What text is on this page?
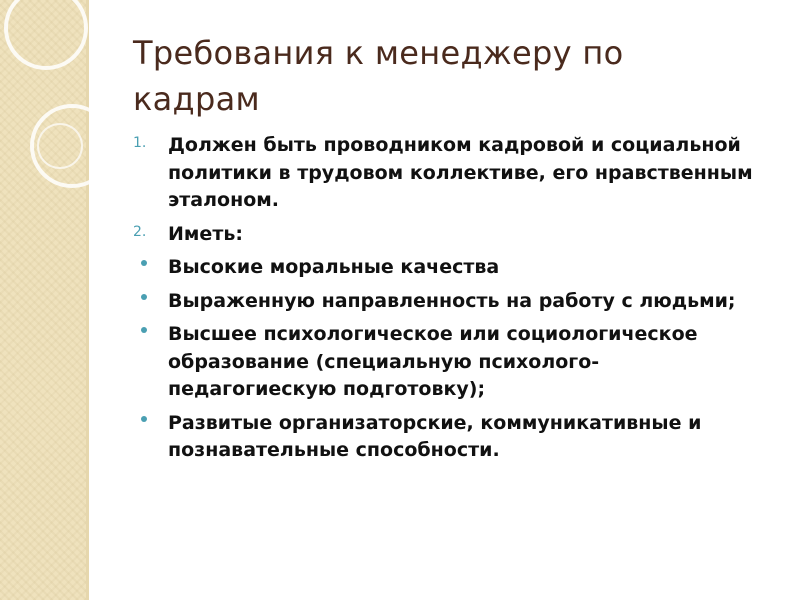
Требования к менеджеру по кадрам
1. Должен быть проводником кадровой и социальной политики в трудовом коллективе, его нравственным эталоном.
2. Иметь:
Высокие моральные качества
Выраженную направленность на работу с людьми;
Высшее психологическое или социологическое образование (специальную психолого-педагогиеcкую подготовку);
Развитые организаторские, коммуникативные и познавательные способности.
